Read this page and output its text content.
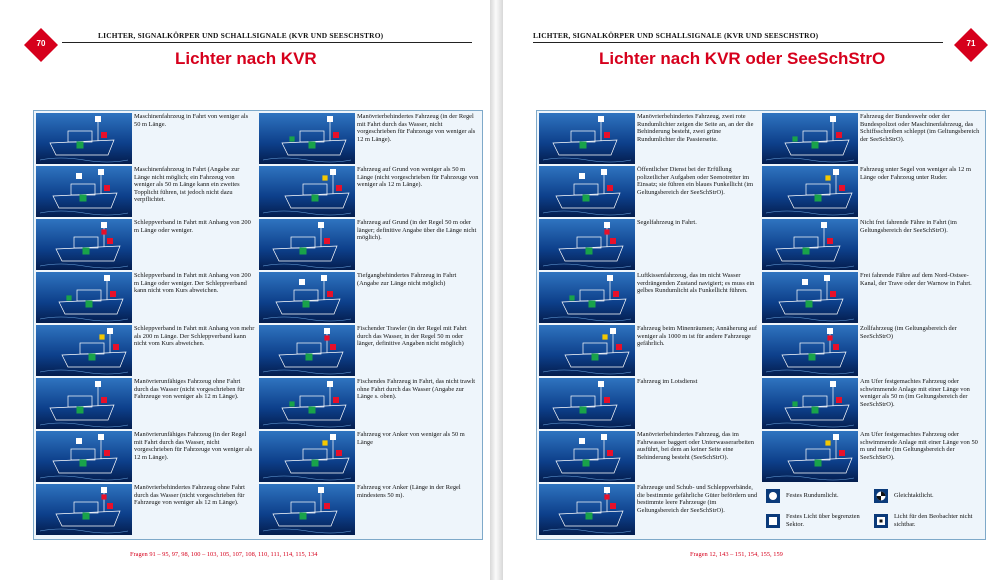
70
LICHTER, SIGNALKÖRPER UND SCHALLSIGNALE (KVR UND SEESCHSTRO)
Lichter nach KVR
Maschinenfahrzeug in Fahrt von weniger als 50 m Länge.
Maschinenfahrzeug in Fahrt (Angabe zur Länge nicht möglich; ein Fahrzeug von weniger als 50 m Länge kann ein zweites Topplicht führen, ist jedoch nicht dazu verpflichtet.
Schleppverband in Fahrt mit Anhang von 200 m Länge oder weniger.
Schleppverband in Fahrt mit Anhang von 200 m Länge oder weniger. Der Schleppverband kann nicht vom Kurs abweichen.
Schleppverband in Fahrt mit Anhang von mehr als 200 m Länge. Der Schleppverband kann nicht vom Kurs abweichen.
Manövrierunfähiges Fahrzeug ohne Fahrt durch das Wasser (nicht vorgeschrieben für Fahrzeuge von weniger als 12 m Länge).
Manövrierunfähiges Fahrzeug (in der Regel mit Fahrt durch das Wasser, nicht vorgeschrieben für Fahrzeuge von weniger als 12 m Länge).
Manövrierbehindertes Fahrzeug ohne Fahrt durch das Wasser (nicht vorgeschrieben für Fahrzeuge von weniger als 12 m Länge).
Manövrierbehindertes Fahrzeug (in der Regel mit Fahrt durch das Wasser, nicht vorgeschrieben für Fahrzeuge von weniger als 12 m Länge).
Fahrzeug auf Grund von weniger als 50 m Länge (nicht vorgeschrieben für Fahrzeuge von weniger als 12 m Länge).
Fahrzeug auf Grund (in der Regel 50 m oder länger; definitive Angabe über die Länge nicht möglich).
Tiefgangbehindertes Fahrzeug in Fahrt (Angabe zur Länge nicht möglich)
Fischender Trawler (in der Regel mit Fahrt durch das Wasser, in der Regel 50 m oder länger, definitive Angaben nicht möglich)
Fischendes Fahrzeug in Fahrt, das nicht trawlt ohne Fahrt durch das Wasser (Angabe zur Länge s. oben).
Fahrzeug vor Anker von weniger als 50 m Länge
Fahrzeug vor Anker (Länge in der Regel mindestens 50 m).
Fragen 91 – 95, 97, 98, 100 – 103, 105, 107, 108, 110, 111, 114, 115, 134
71
LICHTER, SIGNALKÖRPER UND SCHALLSIGNALE (KVR UND SEESCHSTRO)
Lichter nach KVR oder SeeSchStrO
Festes Rundumlicht.	Gleichtaktlicht.
Festes Licht über begrenzten Sektor.
Licht für den Beobachter nicht sichtbar.
Manövrierbehindertes Fahrzeug, zwei rote Rundumlichter zeigen die Seite an, an der die Behinderung besteht, zwei grüne Rundumlichter die Passierseite.
Öffentlicher Dienst bei der Erfüllung polizeilicher Aufgaben oder Seenotretter im Einsatz; sie führen ein blaues Funkellicht (im Geltungsbereich der SeeSchStrO).
Segelfahrzeug in Fahrt.
Luftkissenfahrzeug, das im nicht Wasser verdrängenden Zustand navigiert; es muss ein gelbes Rundumlicht als Funkellicht führen.
Fahrzeug beim Minenräumen; Annäherung auf weniger als 1000 m ist für andere Fahrzeuge gefährlich.
Fahrzeug im Lotsdienst
Manövrierbehindertes Fahrzeug, das im Fahrwasser baggert oder Unterwasserarbeiten ausführt, bei dem an keiner Seite eine Behinderung besteht (SeeSchStrO).
Fahrzeuge und Schub- und Schleppverbände, die bestimmte gefährliche Güter befördern und bestimmte leere Fahrzeuge (im Geltungsbereich der SeeSchStrO).
Fahrzeug der Bundeswehr oder der Bundespolizei oder Maschinenfahrzeug, das Schiffsschreiben schleppt (im Geltungsbereich der SeeSchStrO).
Fahrzeug unter Segel von weniger als 12 m Länge oder Fahrzeug unter Ruder.
Nicht frei fahrende Fähre in Fahrt (im Geltungsbereich der SeeSchStrO).
Frei fahrende Fähre auf dem Nord-Ostsee-Kanal, der Trave oder der Warnow in Fahrt.
Zollfahrzeug (im Geltungsbereich der SeeSchStrO)
Am Ufer festgemachtes Fahrzeug oder schwimmende Anlage mit einer Länge von weniger als 50 m (im Geltungsbereich der SeeSchStrO).
Am Ufer festgemachtes Fahrzeug oder schwimmende Anlage mit einer Länge von 50 m und mehr (im Geltungsbereich der SeeSchStrO).
Fragen 12, 143 – 151, 154, 155, 159
